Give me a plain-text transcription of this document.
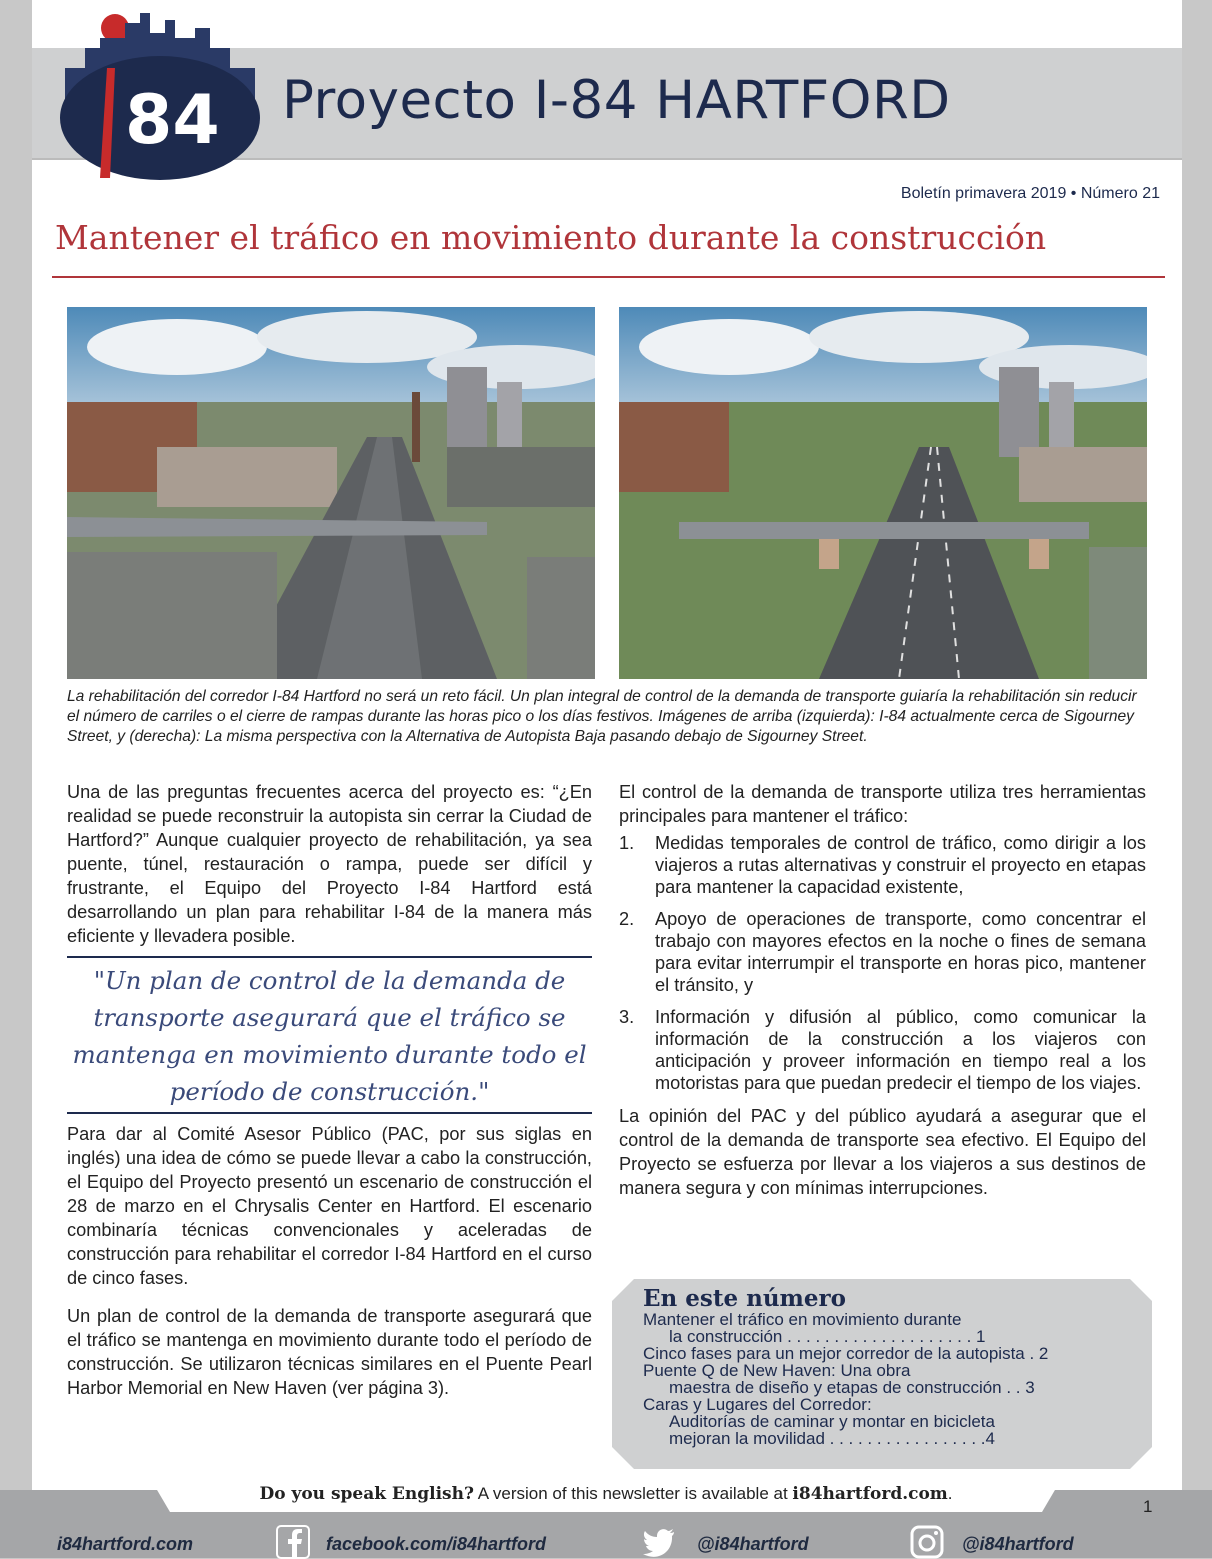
84 Proyecto I-84 HARTFORD
Boletín primavera 2019 • Número 21
Mantener el tráfico en movimiento durante la construcción
La rehabilitación del corredor I-84 Hartford no será un reto fácil. Un plan integral de control de la demanda de transporte guiaría la rehabilitación sin reducir el número de carriles o el cierre de rampas durante las horas pico o los días festivos. Imágenes de arriba (izquierda): I-84 actualmente cerca de Sigourney Street, y (derecha): La misma perspectiva con la Alternativa de Autopista Baja pasando debajo de Sigourney Street.

Una de las preguntas frecuentes acerca del proyecto es: “¿En realidad se puede reconstruir la autopista sin cerrar la Ciudad de Hartford?” Aunque cualquier proyecto de rehabilitación, ya sea puente, túnel, restauración o rampa, puede ser difícil y frustrante, el Equipo del Proyecto I-84 Hartford está desarrollando un plan para rehabilitar I-84 de la manera más eficiente y llevadera posible.

"Un plan de control de la demanda de transporte asegurará que el tráfico se mantenga en movimiento durante todo el período de construcción."

Para dar al Comité Asesor Público (PAC, por sus siglas en inglés) una idea de cómo se puede llevar a cabo la construcción, el Equipo del Proyecto presentó un escenario de construcción el 28 de marzo en el Chrysalis Center en Hartford. El escenario combinaría técnicas convencionales y aceleradas de construcción para rehabilitar el corredor I-84 Hartford en el curso de cinco fases.

Un plan de control de la demanda de transporte asegurará que el tráfico se mantenga en movimiento durante todo el período de construcción. Se utilizaron técnicas similares en el Puente Pearl Harbor Memorial en New Haven (ver página 3).

El control de la demanda de transporte utiliza tres herramientas principales para mantener el tráfico:

1. Medidas temporales de control de tráfico, como dirigir a los viajeros a rutas alternativas y construir el proyecto en etapas para mantener la capacidad existente,
2. Apoyo de operaciones de transporte, como concentrar el trabajo con mayores efectos en la noche o fines de semana para evitar interrumpir el transporte en horas pico, mantener el tránsito, y
3. Información y difusión al público, como comunicar la información de la construcción a los viajeros con anticipación y proveer información en tiempo real a los motoristas para que puedan predecir el tiempo de los viajes.

La opinión del PAC y del público ayudará a asegurar que el control de la demanda de transporte sea efectivo. El Equipo del Proyecto se esfuerza por llevar a los viajeros a sus destinos de manera segura y con mínimas interrupciones.

En este número
Mantener el tráfico en movimiento durante
la construcción . . . . . . . . . . . . . . . . . . . . 1
Cinco fases para un mejor corredor de la autopista . 2
Puente Q de New Haven: Una obra
maestra de diseño y etapas de construcción . . 3
Caras y Lugares del Corredor:
Auditorías de caminar y montar en bicicleta
mejoran la movilidad . . . . . . . . . . . . . . . . .4
Do you speak English? A version of this newsletter is available at i84hartford.com.
1
i84hartford.com	facebook.com/i84hartford	@i84hartford	@i84hartford
